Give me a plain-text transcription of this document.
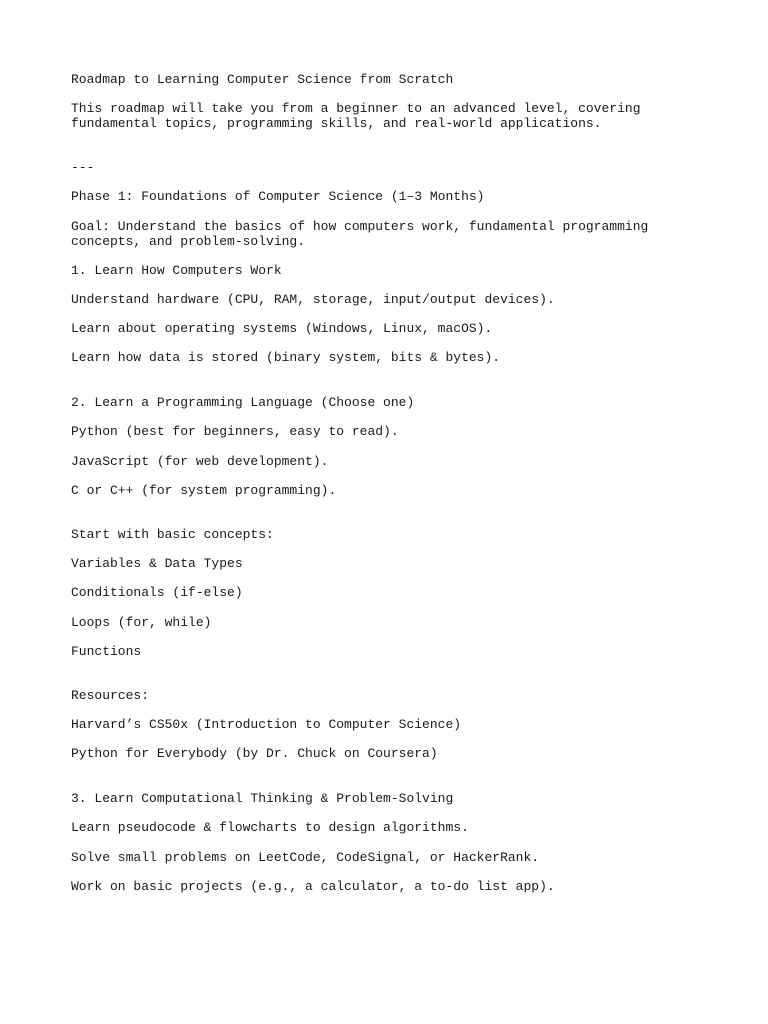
Roadmap to Learning Computer Science from Scratch

This roadmap will take you from a beginner to an advanced level, covering

fundamental topics, programming skills, and real-world applications.

---

Phase 1: Foundations of Computer Science (1–3 Months)

Goal: Understand the basics of how computers work, fundamental programming

concepts, and problem-solving.

1. Learn How Computers Work

Understand hardware (CPU, RAM, storage, input/output devices).

Learn about operating systems (Windows, Linux, macOS).

Learn how data is stored (binary system, bits & bytes).

2. Learn a Programming Language (Choose one)

Python (best for beginners, easy to read).

JavaScript (for web development).

C or C++ (for system programming).

Start with basic concepts:

Variables & Data Types

Conditionals (if-else)

Loops (for, while)

Functions

Resources:

Harvard’s CS50x (Introduction to Computer Science)

Python for Everybody (by Dr. Chuck on Coursera)

3. Learn Computational Thinking & Problem-Solving

Learn pseudocode & flowcharts to design algorithms.

Solve small problems on LeetCode, CodeSignal, or HackerRank.

Work on basic projects (e.g., a calculator, a to-do list app).
